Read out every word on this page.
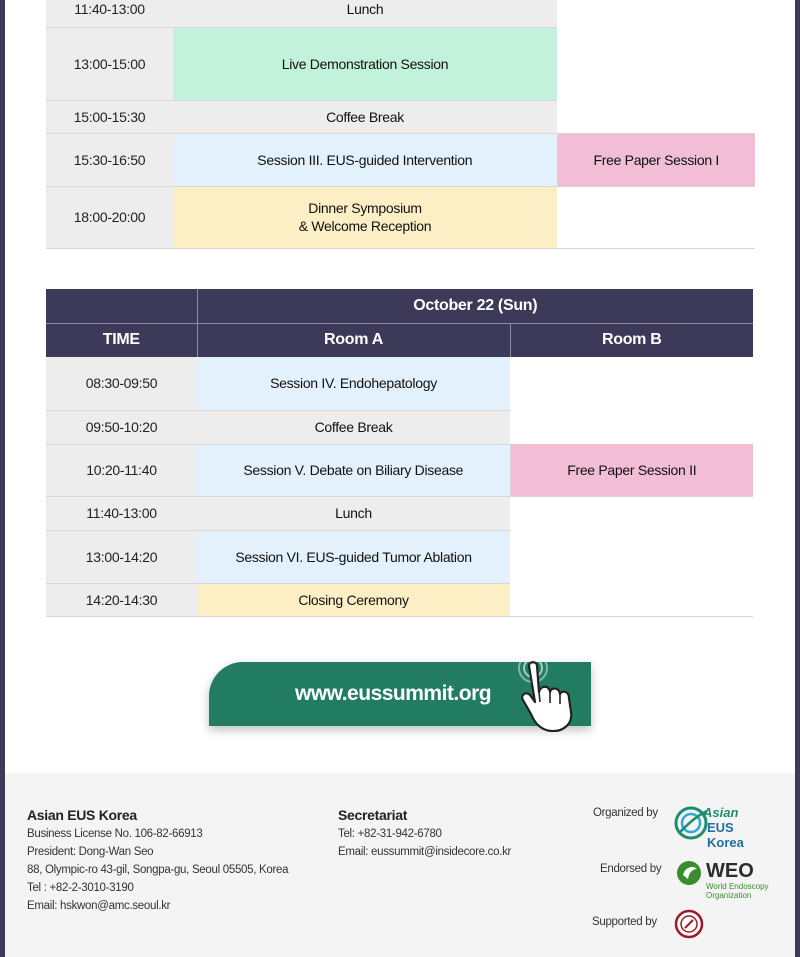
11:40-13:00	Lunch	
13:00-15:00	Live Demonstration Session	
15:00-15:30	Coffee Break	
15:30-16:50	Session III. EUS-guided Intervention	Free Paper Session I
18:00-20:00	Dinner Symposium
& Welcome Reception	
	October 22 (Sun)	
TIME	Room A	Room B
08:30-09:50	Session IV. Endohepatology	
09:50-10:20	Coffee Break	
10:20-11:40	Session V. Debate on Biliary Disease	Free Paper Session II
11:40-13:00	Lunch	
13:00-14:20	Session VI. EUS-guided Tumor Ablation	
14:20-14:30	Closing Ceremony	
www.eussummit.org
Asian EUS Korea
Business License No. 106-82-66913
President: Dong-Wan Seo
88, Olympic-ro 43-gil, Songpa-gu, Seoul 05505, Korea
Tel : +82-2-3010-3190
Email: hskwon@amc.seoul.kr
Secretariat
Tel: +82-31-942-6780
Email: eussummit@insidecore.co.kr
Organized by	Asian
EUS Korea
Endorsed by WEO
World Endoscopy
Organization
Supported by
